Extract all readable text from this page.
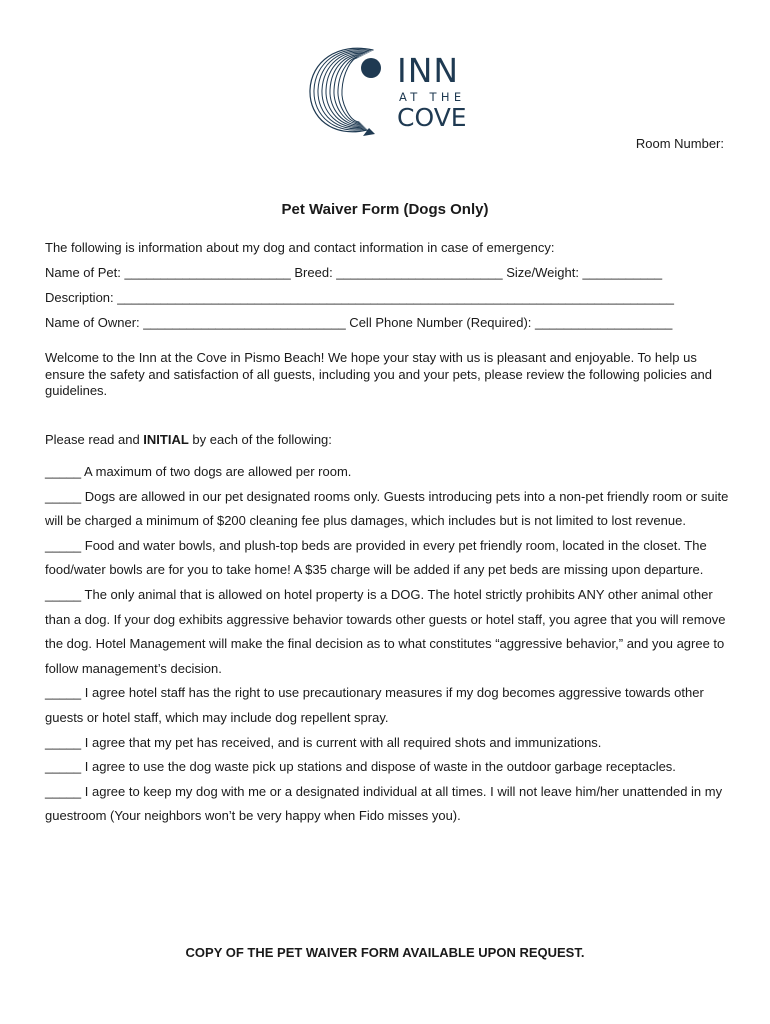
INN
AT THE
COVE

Room Number:

Pet Waiver Form (Dogs Only)

The following is information about my dog and contact information in case of emergency:

Name of Pet: _______________________ Breed: _______________________ Size/Weight: ___________

Description: _____________________________________________________________________________

Name of Owner: ____________________________ Cell Phone Number (Required): ___________________

Welcome to the Inn at the Cove in Pismo Beach! We hope your stay with us is pleasant and enjoyable. To help us ensure the safety and satisfaction of all guests, including you and your pets, please review the following policies and guidelines.

Please read and INITIAL by each of the following:

_____ A maximum of two dogs are allowed per room.

_____ Dogs are allowed in our pet designated rooms only. Guests introducing pets into a non-pet friendly room or suite will be charged a minimum of $200 cleaning fee plus damages, which includes but is not limited to lost revenue.

_____ Food and water bowls, and plush-top beds are provided in every pet friendly room, located in the closet. The food/water bowls are for you to take home! A $35 charge will be added if any pet beds are missing upon departure.

_____ The only animal that is allowed on hotel property is a DOG. The hotel strictly prohibits ANY other animal other than a dog. If your dog exhibits aggressive behavior towards other guests or hotel staff, you agree that you will remove the dog. Hotel Management will make the final decision as to what constitutes “aggressive behavior,” and you agree to follow management’s decision.

_____ I agree hotel staff has the right to use precautionary measures if my dog becomes aggressive towards other guests or hotel staff, which may include dog repellent spray.

_____ I agree that my pet has received, and is current with all required shots and immunizations.

_____ I agree to use the dog waste pick up stations and dispose of waste in the outdoor garbage receptacles.

_____ I agree to keep my dog with me or a designated individual at all times. I will not leave him/her unattended in my guestroom (Your neighbors won’t be very happy when Fido misses you).

COPY OF THE PET WAIVER FORM AVAILABLE UPON REQUEST.
